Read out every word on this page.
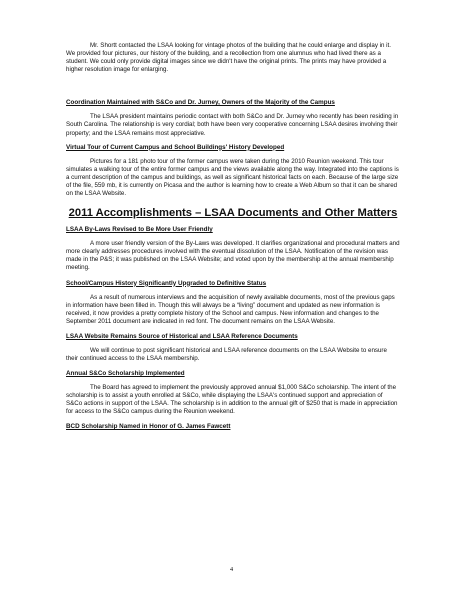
Mr. Shortt contacted the LSAA looking for vintage photos of the building that he could enlarge and display in it. We provided four pictures, our history of the building, and a recollection from one alumnus who had lived there as a student. We could only provide digital images since we didn't have the original prints. The prints may have provided a higher resolution image for enlarging.

Coordination Maintained with S&Co and Dr. Jurney, Owners of the Majority of the Campus

The LSAA president maintains periodic contact with both S&Co and Dr. Jurney who recently has been residing in South Carolina. The relationship is very cordial; both have been very cooperative concerning LSAA desires involving their property; and the LSAA remains most appreciative.

Virtual Tour of Current Campus and School Buildings' History Developed

Pictures for a 181 photo tour of the former campus were taken during the 2010 Reunion weekend. This tour simulates a walking tour of the entire former campus and the views available along the way. Integrated into the captions is a current description of the campus and buildings, as well as significant historical facts on each. Because of the large size of the file, 559 mb, it is currently on Picasa and the author is learning how to create a Web Album so that it can be shared on the LSAA Website.

2011 Accomplishments – LSAA Documents and Other Matters
LSAA By-Laws Revised to Be More User Friendly

A more user friendly version of the By-Laws was developed. It clarifies organizational and procedural matters and more clearly addresses procedures involved with the eventual dissolution of the LSAA. Notification of the revision was made in the P&S; it was published on the LSAA Website; and voted upon by the membership at the annual membership meeting.

School/Campus History Significantly Upgraded to Definitive Status

As a result of numerous interviews and the acquisition of newly available documents, most of the previous gaps in information have been filled in. Though this will always be a “living” document and updated as new information is received, it now provides a pretty complete history of the School and campus. New information and changes to the September 2011 document are indicated in red font. The document remains on the LSAA Website.

LSAA Website Remains Source of Historical and LSAA Reference Documents

We will continue to post significant historical and LSAA reference documents on the LSAA Website to ensure their continued access to the LSAA membership.

Annual S&Co Scholarship Implemented

The Board has agreed to implement the previously approved annual $1,000 S&Co scholarship. The intent of the scholarship is to assist a youth enrolled at S&Co, while displaying the LSAA's continued support and appreciation of S&Co actions in support of the LSAA. The scholarship is in addition to the annual gift of $250 that is made in appreciation for access to the S&Co campus during the Reunion weekend.

BCD Scholarship Named in Honor of G. James Fawcett
4
